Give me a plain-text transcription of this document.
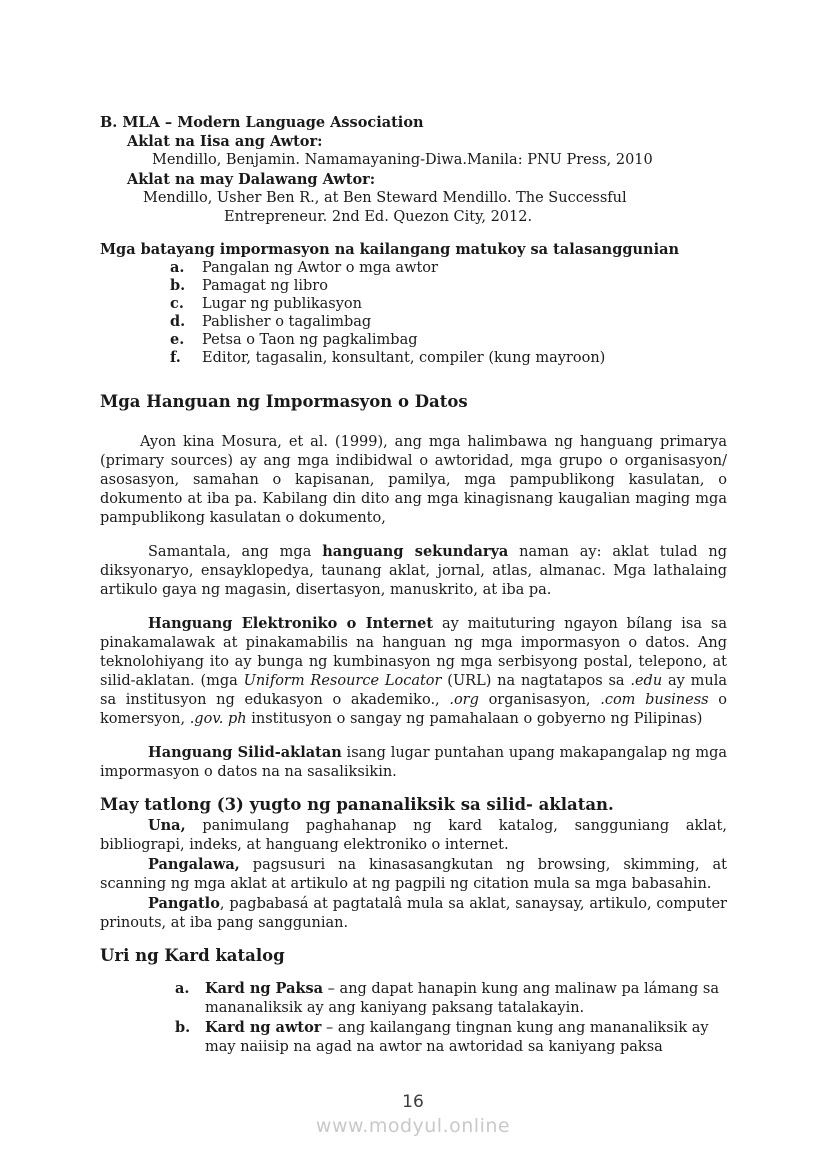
B. MLA – Modern Language Association
Aklat na Iisa ang Awtor:
Mendillo, Benjamin. Namamayaning-Diwa.Manila: PNU Press, 2010
Aklat na may Dalawang Awtor:
Mendillo, Usher Ben R., at Ben Steward Mendillo. The Successful
Entrepreneur. 2nd Ed. Quezon City, 2012.
Mga batayang impormasyon na kailangang matukoy sa talasanggunian
a.	Pangalan ng Awtor o mga awtor
b.	Pamagat ng libro
c.	Lugar ng publikasyon
d.	Pablisher o tagalimbag
e.	Petsa o Taon ng pagkalimbag
f.	Editor, tagasalin, konsultant, compiler (kung mayroon)
Mga Hanguan ng Impormasyon o Datos

Ayon kina Mosura, et al. (1999), ang mga halimbawa ng hanguang primarya (primary sources) ay ang mga indibidwal o awtoridad, mga grupo o organisasyon/ asosasyon, samahan o kapisanan, pamilya, mga pampublikong kasulatan, o dokumento at iba pa. Kabilang din dito ang mga kinagisnang kaugalian maging mga pampublikong kasulatan o dokumento,

Samantala, ang mga hanguang sekundarya naman ay: aklat tulad ng diksyonaryo, ensayklopedya, taunang aklat, jornal, atlas, almanac. Mga lathalaing artikulo gaya ng magasin, disertasyon, manuskrito, at iba pa.

Hanguang Elektroniko o Internet ay maituturing ngayon bílang isa sa pinakamalawak at pinakamabilis na hanguan ng mga impormasyon o datos. Ang teknolohiyang ito ay bunga ng kumbinasyon ng mga serbisyong postal, telepono, at silid-aklatan. (mga Uniform Resource Locator (URL) na nagtatapos sa .edu ay mula sa institusyon ng edukasyon o akademiko., .org organisasyon, .com business o komersyon, .gov. ph institusyon o sangay ng pamahalaan o gobyerno ng Pilipinas)

Hanguang Silid-aklatan isang lugar puntahan upang makapangalap ng mga impormasyon o datos na na sasaliksikin.

May tatlong (3) yugto ng pananaliksik sa silid- aklatan.

Una, panimulang paghahanap ng kard katalog, sangguniang aklat, bibliograpi, indeks, at hanguang elektroniko o internet.

Pangalawa, pagsusuri na kinasasangkutan ng browsing, skimming, at scanning ng mga aklat at artikulo at ng pagpili ng citation mula sa mga babasahin.

Pangatlo, pagbabasá at pagtatalâ mula sa aklat, sanaysay, artikulo, computer prinouts, at iba pang sanggunian.

Uri ng Kard katalog
a.	Kard ng Paksa – ang dapat hanapin kung ang malinaw pa lámang sa mananaliksik ay ang kaniyang paksang tatalakayin.
b.	Kard ng awtor – ang kailangang tingnan kung ang mananaliksik ay may naiisip na agad na awtor na awtoridad sa kaniyang paksa
16
www.modyul.online
